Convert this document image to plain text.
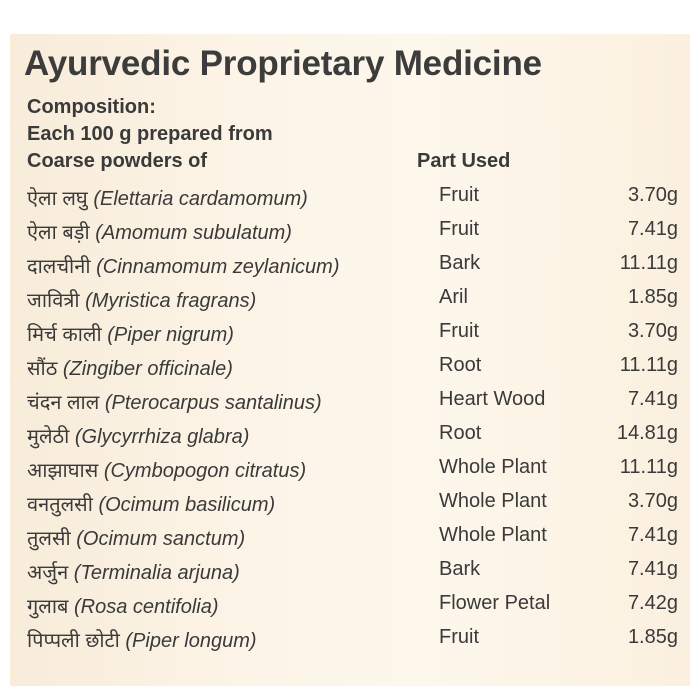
Ayurvedic Proprietary Medicine
Composition:
Each 100 g prepared from
Coarse powders of	Part Used
ऐला लघु (Elettaria cardamomum)	Fruit	3.70g
ऐला बड़ी (Amomum subulatum)	Fruit	7.41g
दालचीनी (Cinnamomum zeylanicum)	Bark	11.11g
जावित्री (Myristica fragrans)	Aril	1.85g
मिर्च काली (Piper nigrum)	Fruit	3.70g
सौंठ (Zingiber officinale)	Root	11.11g
चंदन लाल (Pterocarpus santalinus)	Heart Wood	7.41g
मुलेठी (Glycyrrhiza glabra)	Root	14.81g
आझाघास (Cymbopogon citratus)	Whole Plant	11.11g
वनतुलसी (Ocimum basilicum)	Whole Plant	3.70g
तुलसी (Ocimum sanctum)	Whole Plant	7.41g
अर्जुन (Terminalia arjuna)	Bark	7.41g
गुलाब (Rosa centifolia)	Flower Petal	7.42g
पिप्पली छोटी (Piper longum)	Fruit	1.85g
